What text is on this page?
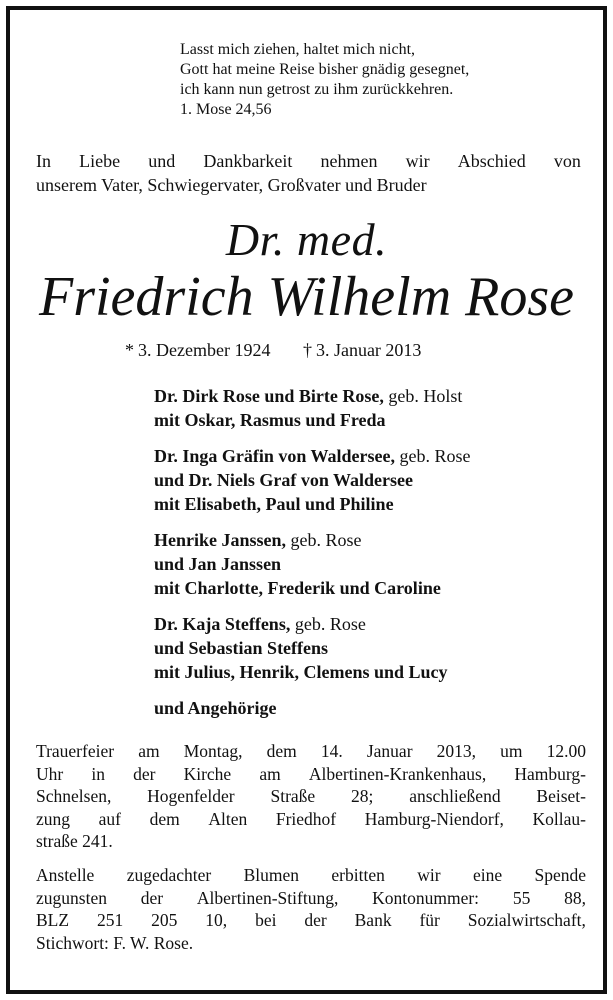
Lasst mich ziehen, haltet mich nicht,
Gott hat meine Reise bisher gnädig gesegnet,
ich kann nun getrost zu ihm zurückkehren.
1. Mose 24,56
In Liebe und Dankbarkeit nehmen wir Abschied von
unserem Vater, Schwiegervater, Großvater und Bruder
Dr. med.
Friedrich Wilhelm Rose
* 3. Dezember 1924 † 3. Januar 2013
Dr. Dirk Rose und Birte Rose, geb. Holst
mit Oskar, Rasmus und Freda
Dr. Inga Gräfin von Waldersee, geb. Rose
und Dr. Niels Graf von Waldersee
mit Elisabeth, Paul und Philine
Henrike Janssen, geb. Rose
und Jan Janssen
mit Charlotte, Frederik und Caroline
Dr. Kaja Steffens, geb. Rose
und Sebastian Steffens
mit Julius, Henrik, Clemens und Lucy
und Angehörige
Trauerfeier am Montag, dem 14. Januar 2013, um 12.00
Uhr in der Kirche am Albertinen-Krankenhaus, Hamburg-
Schnelsen, Hogenfelder Straße 28; anschließend Beiset-
zung auf dem Alten Friedhof Hamburg-Niendorf, Kollau-
straße 241.
Anstelle zugedachter Blumen erbitten wir eine Spende
zugunsten der Albertinen-Stiftung, Kontonummer: 55 88,
BLZ 251 205 10, bei der Bank für Sozialwirtschaft,
Stichwort: F. W. Rose.
